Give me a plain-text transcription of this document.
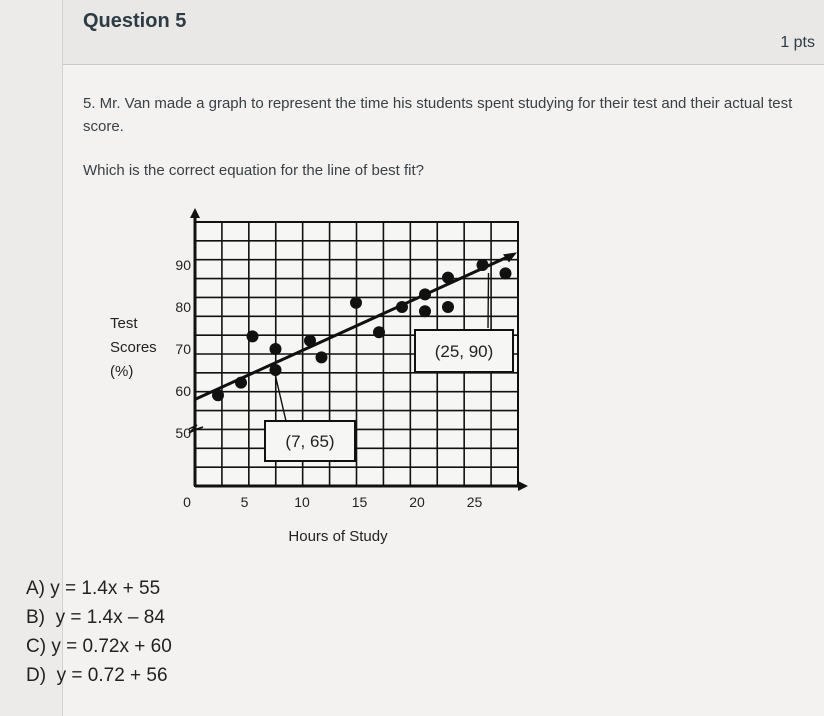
Question 5
1 pts
5. Mr. Van made a graph to represent the time his students spent studying for their test and their actual test score.
Which is the correct equation for the line of best fit?
0	5	10	15	20	25
90
80
70
60
50	(7, 65)
(25, 90)
Hours of Study
Test
Scores
(%)
A) y = 1.4x + 55
B) y = 1.4x – 84
C) y = 0.72x + 60
D) y = 0.72 + 56
